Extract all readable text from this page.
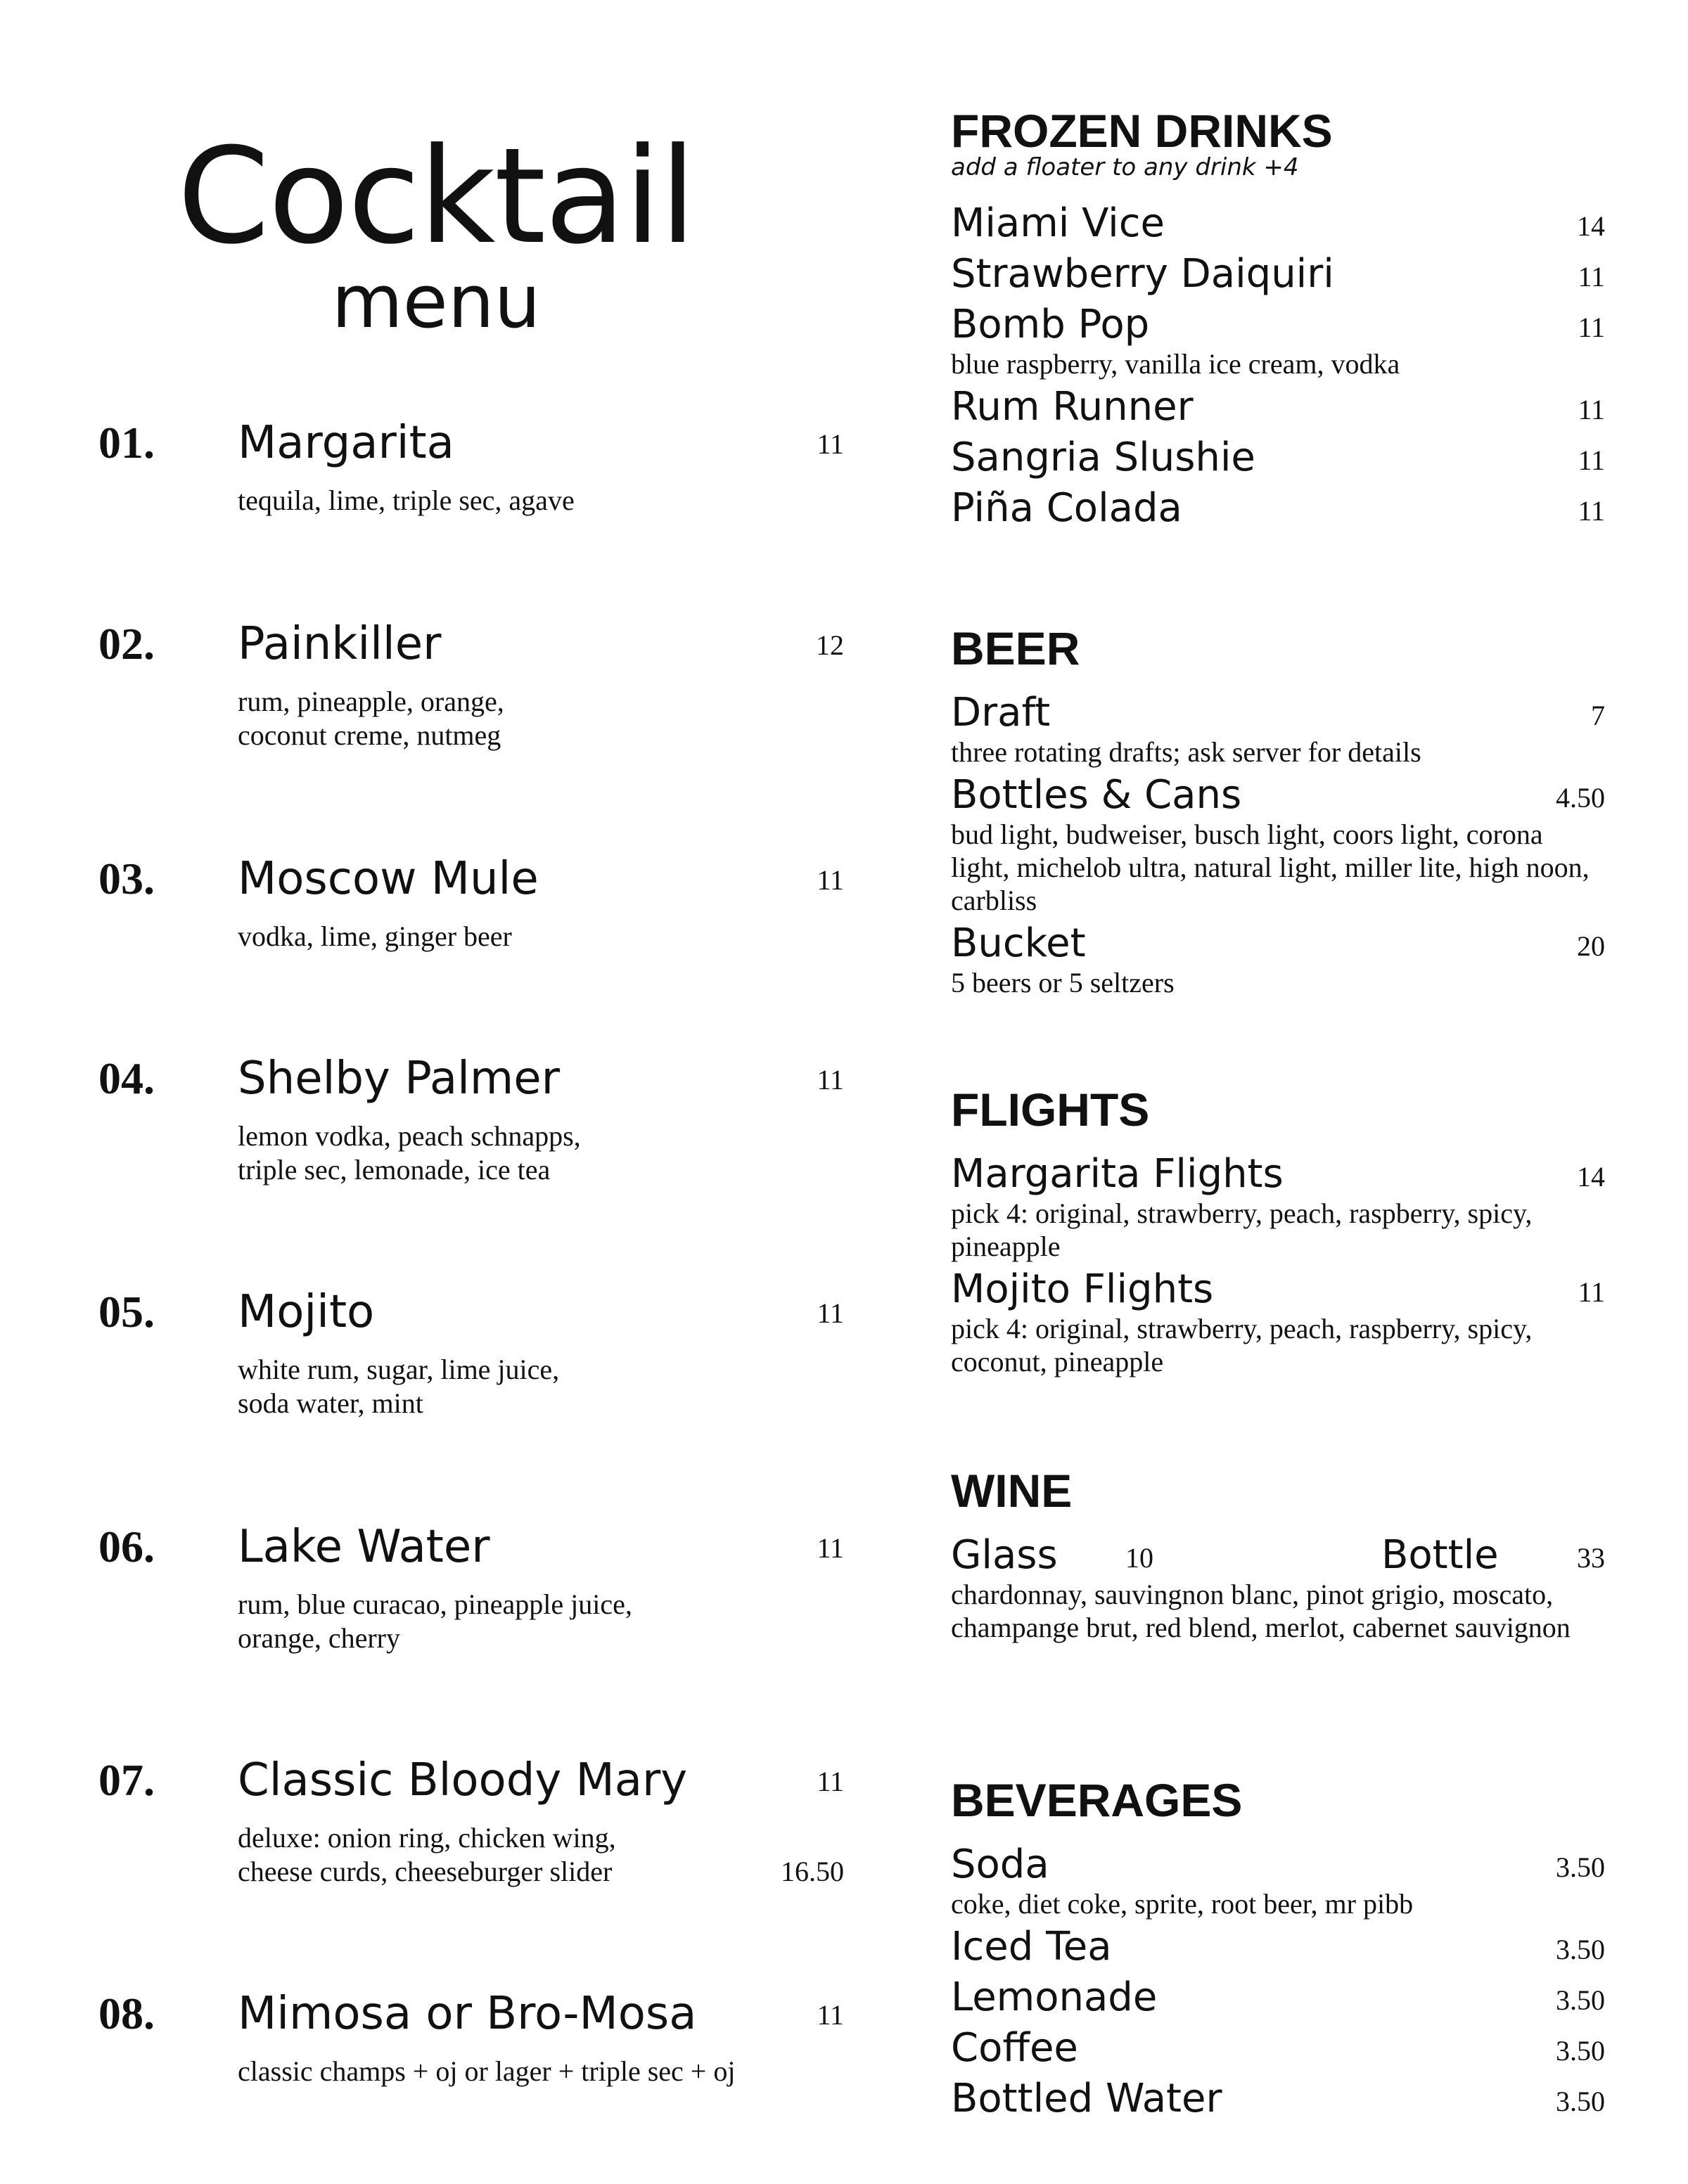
Cocktail
menu
01. Margarita	11
tequila, lime, triple sec, agave
02. Painkiller	12
rum, pineapple, orange,
coconut creme, nutmeg
03. Moscow Mule	11
vodka, lime, ginger beer
04. Shelby Palmer	11
lemon vodka, peach schnapps,
triple sec, lemonade, ice tea
05. Mojito	11
white rum, sugar, lime juice,
soda water, mint
06. Lake Water	11
rum, blue curacao, pineapple juice,
orange, cherry
07. Classic Bloody Mary	11
deluxe: onion ring, chicken wing,
cheese curds, cheeseburger slider	16.50
08. Mimosa or Bro-Mosa	11
classic champs + oj or lager + triple sec + oj
FROZEN DRINKS
add a floater to any drink +4
Miami Vice	14
Strawberry Daiquiri	11
Bomb Pop	11
blue raspberry, vanilla ice cream, vodka
Rum Runner	11
Sangria Slushie	11
Piña Colada	11
BEER
Draft	7
three rotating drafts; ask server for details
Bottles & Cans	4.50
bud light, budweiser, busch light, coors light, corona light, michelob ultra, natural light, miller lite, high noon, carbliss
Bucket	20
5 beers or 5 seltzers
FLIGHTS
Margarita Flights	14
pick 4: original, strawberry, peach, raspberry, spicy, pineapple
Mojito Flights	11
pick 4: original, strawberry, peach, raspberry, spicy, coconut, pineapple
WINE
Glass 10	Bottle	33
chardonnay, sauvingnon blanc, pinot grigio, moscato, champange brut, red blend, merlot, cabernet sauvignon
BEVERAGES
Soda	3.50
coke, diet coke, sprite, root beer, mr pibb
Iced Tea	3.50
Lemonade	3.50
Coffee	3.50
Bottled Water	3.50
